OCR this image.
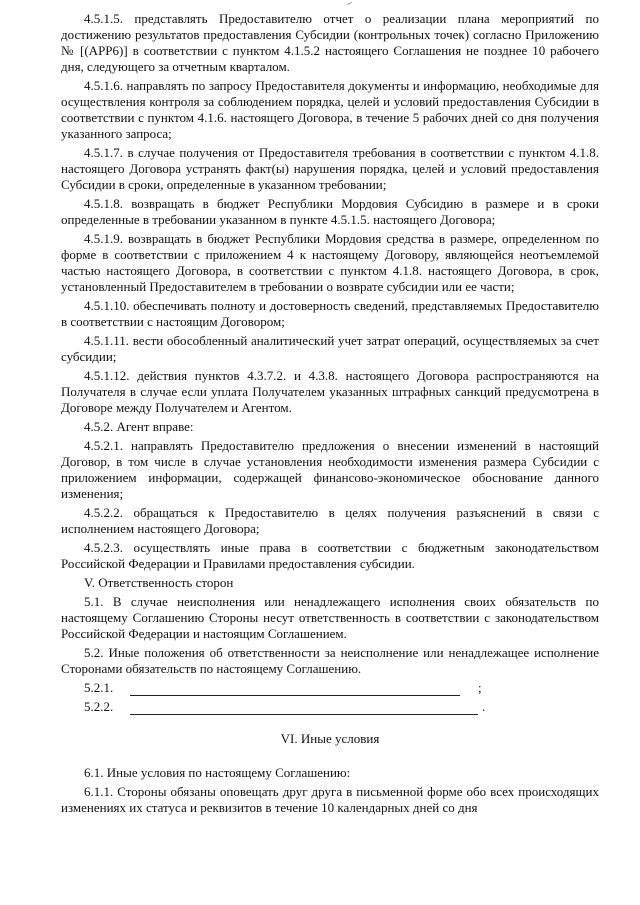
4.5.1.5. представлять Предоставителю отчет о реализации плана мероприятий по достижению результатов предоставления Субсидии (контрольных точек) согласно Приложению № [(АРР6)] в соответствии с пунктом 4.1.5.2 настоящего Соглашения не позднее 10 рабочего дня, следующего за отчетным кварталом.

4.5.1.6. направлять по запросу Предоставителя документы и информацию, необходимые для осуществления контроля за соблюдением порядка, целей и условий предоставления Субсидии в соответствии с пунктом 4.1.6. настоящего Договора, в течение 5 рабочих дней со дня получения указанного запроса;

4.5.1.7. в случае получения от Предоставителя требования в соответствии с пунктом 4.1.8. настоящего Договора устранять факт(ы) нарушения порядка, целей и условий предоставления Субсидии в сроки, определенные в указанном требовании;

4.5.1.8. возвращать в бюджет Республики Мордовия Субсидию в размере и в сроки определенные в требовании указанном в пункте 4.5.1.5. настоящего Договора;

4.5.1.9. возвращать в бюджет Республики Мордовия средства в размере, определенном по форме в соответствии с приложением 4 к настоящему Договору, являющейся неотъемлемой частью настоящего Договора, в соответствии с пунктом 4.1.8. настоящего Договора, в срок, установленный Предоставителем в требовании о возврате субсидии или ее части;

4.5.1.10. обеспечивать полноту и достоверность сведений, представляемых Предоставителю в соответствии с настоящим Договором;

4.5.1.11. вести обособленный аналитический учет затрат операций, осуществляемых за счет субсидии;

4.5.1.12. действия пунктов 4.3.7.2. и 4.3.8. настоящего Договора распространяются на Получателя в случае если уплата Получателем указанных штрафных санкций предусмотрена в Договоре между Получателем и Агентом.

4.5.2. Агент вправе:

4.5.2.1. направлять Предоставителю предложения о внесении изменений в настоящий Договор, в том числе в случае установления необходимости изменения размера Субсидии с приложением информации, содержащей финансово-экономическое обоснование данного изменения;

4.5.2.2. обращаться к Предоставителю в целях получения разъяснений в связи с исполнением настоящего Договора;

4.5.2.3. осуществлять иные права в соответствии с бюджетным законодательством Российской Федерации и Правилами предоставления субсидии.

V. Ответственность сторон

5.1. В случае неисполнения или ненадлежащего исполнения своих обязательств по настоящему Соглашению Стороны несут ответственность в соответствии с законодательством Российской Федерации и настоящим Соглашением.

5.2. Иные положения об ответственности за неисполнение или ненадлежащее исполнение Сторонами обязательств по настоящему Соглашению.

5.2.1.	;
5.2.2.	.

VI. Иные условия

6.1. Иные условия по настоящему Соглашению:

6.1.1. Стороны обязаны оповещать друг друга в письменной форме обо всех происходящих изменениях их статуса и реквизитов в течение 10 календарных дней со дня
